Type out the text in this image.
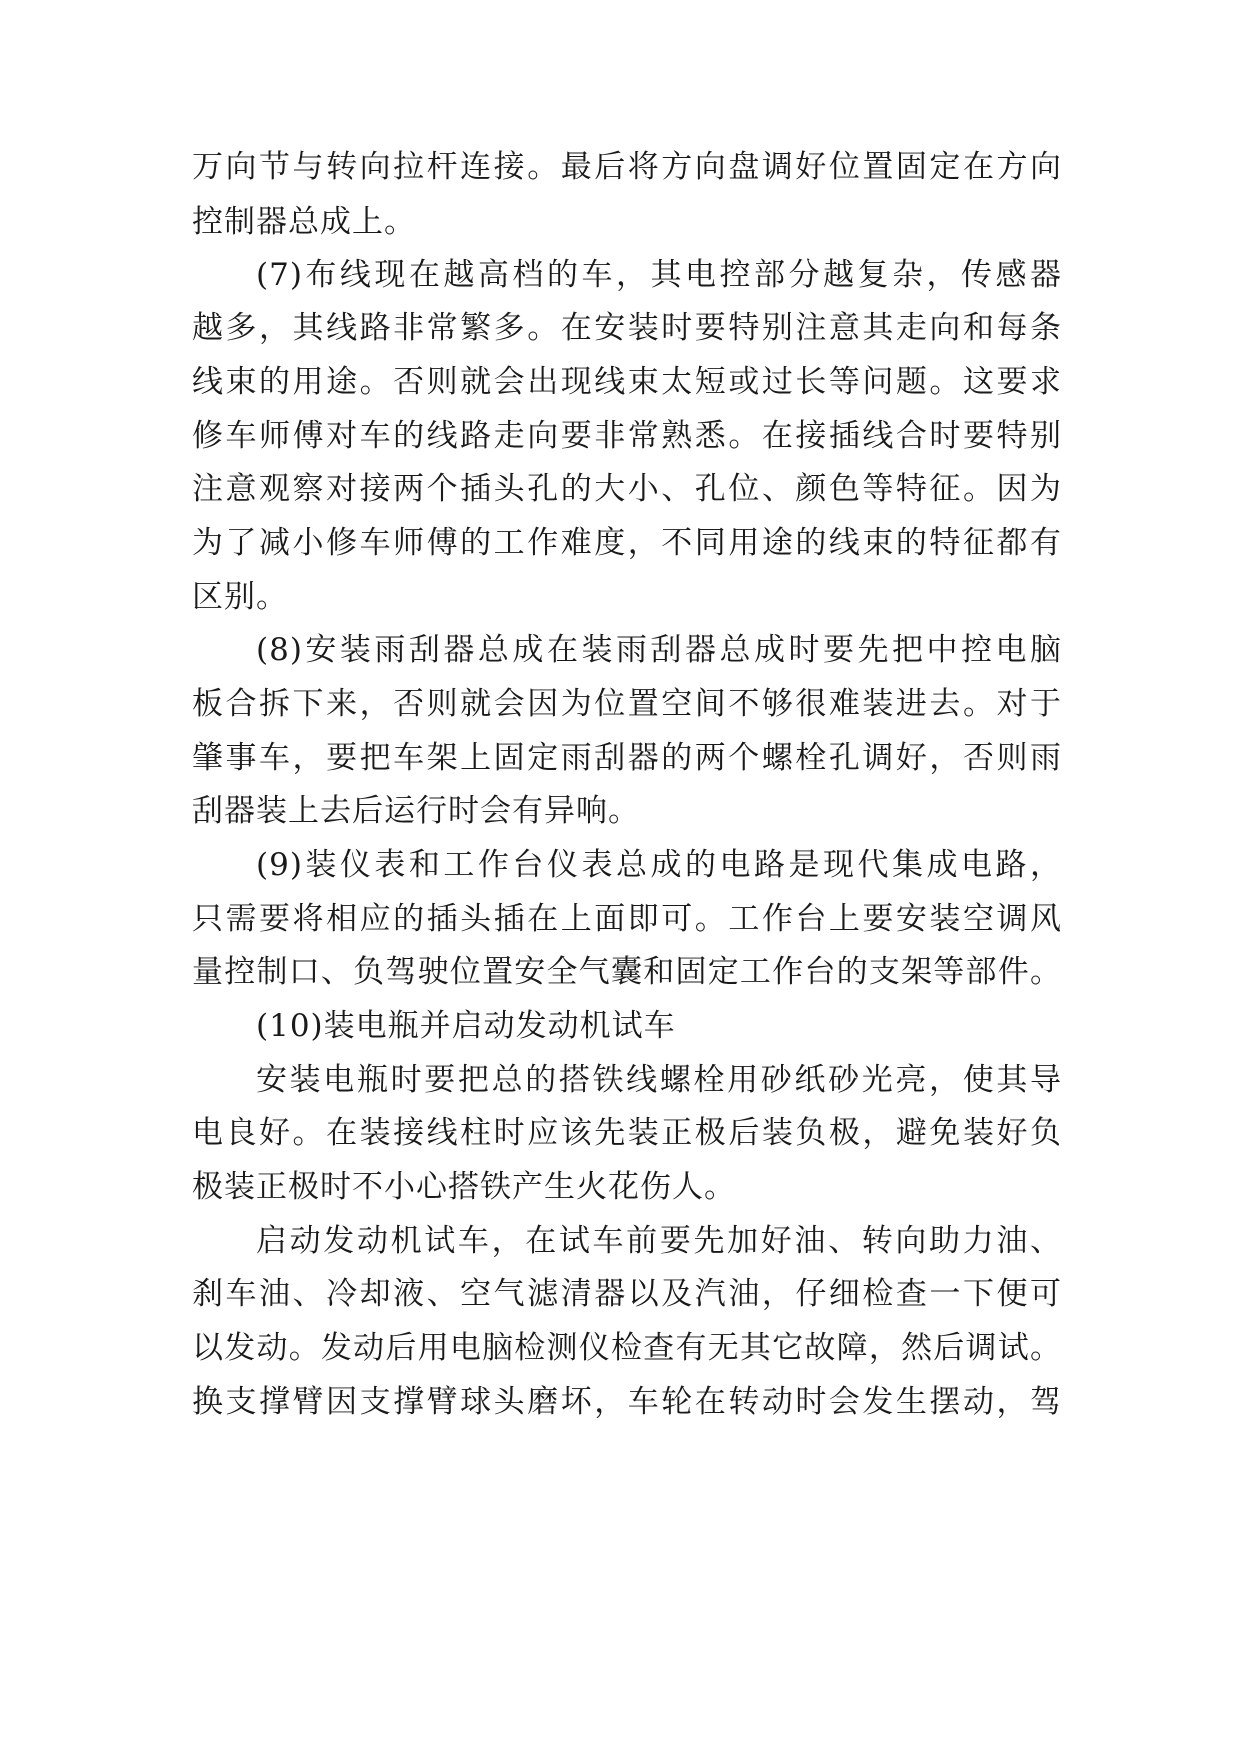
万向节与转向拉杆连接。最后将方向盘调好位置固定在方向
控制器总成上。
(7)布线现在越高档的车，其电控部分越复杂，传感器
越多，其线路非常繁多。在安装时要特别注意其走向和每条
线束的用途。否则就会出现线束太短或过长等问题。这要求
修车师傅对车的线路走向要非常熟悉。在接插线合时要特别
注意观察对接两个插头孔的大小、孔位、颜色等特征。因为
为了减小修车师傅的工作难度，不同用途的线束的特征都有
区别。
(8)安装雨刮器总成在装雨刮器总成时要先把中控电脑
板合拆下来，否则就会因为位置空间不够很难装进去。对于
肇事车，要把车架上固定雨刮器的两个螺栓孔调好，否则雨
刮器装上去后运行时会有异响。
(9)装仪表和工作台仪表总成的电路是现代集成电路，
只需要将相应的插头插在上面即可。工作台上要安装空调风
量控制口、负驾驶位置安全气囊和固定工作台的支架等部件。
(10)装电瓶并启动发动机试车
安装电瓶时要把总的搭铁线螺栓用砂纸砂光亮，使其导
电良好。在装接线柱时应该先装正极后装负极，避免装好负
极装正极时不小心搭铁产生火花伤人。
启动发动机试车，在试车前要先加好油、转向助力油、
刹车油、冷却液、空气滤清器以及汽油，仔细检查一下便可
以发动。发动后用电脑检测仪检查有无其它故障，然后调试。
换支撑臂因支撑臂球头磨坏，车轮在转动时会发生摆动，驾
